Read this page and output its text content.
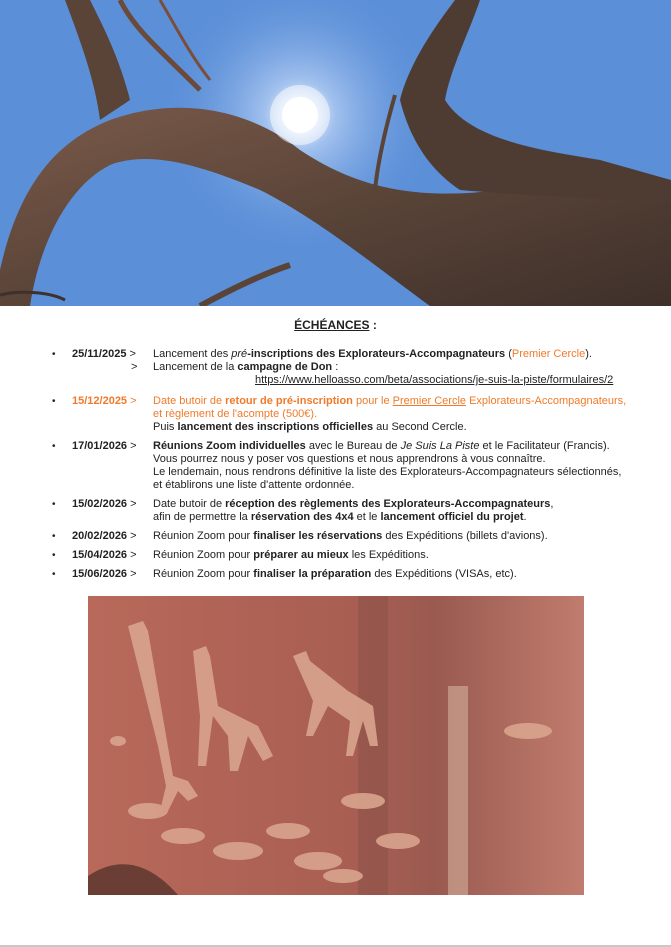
ÉCHÉANCES :
• 25/11/2025 > Lancement des pré-inscriptions des Explorateurs-Accompagnateurs (Premier Cercle).
> Lancement de la campagne de Don :
https://www.helloasso.com/beta/associations/je-suis-la-piste/formulaires/2
• 15/12/2025 > Date butoir de retour de pré-inscription pour le Premier Cercle Explorateurs-Accompagnateurs,
et règlement de l'acompte (500€).
Puis lancement des inscriptions officielles au Second Cercle.
• 17/01/2026 > Réunions Zoom individuelles avec le Bureau de Je Suis La Piste et le Facilitateur (Francis).
Vous pourrez nous y poser vos questions et nous apprendrons à vous connaître.
Le lendemain, nous rendrons définitive la liste des Explorateurs-Accompagnateurs sélectionnés,
et établirons une liste d'attente ordonnée.
• 15/02/2026 > Date butoir de réception des règlements des Explorateurs-Accompagnateurs,
afin de permettre la réservation des 4x4 et le lancement officiel du projet.
• 20/02/2026 > Réunion Zoom pour finaliser les réservations des Expéditions (billets d'avions).
• 15/04/2026 > Réunion Zoom pour préparer au mieux les Expéditions.
• 15/06/2026 > Réunion Zoom pour finaliser la préparation des Expéditions (VISAs, etc).
